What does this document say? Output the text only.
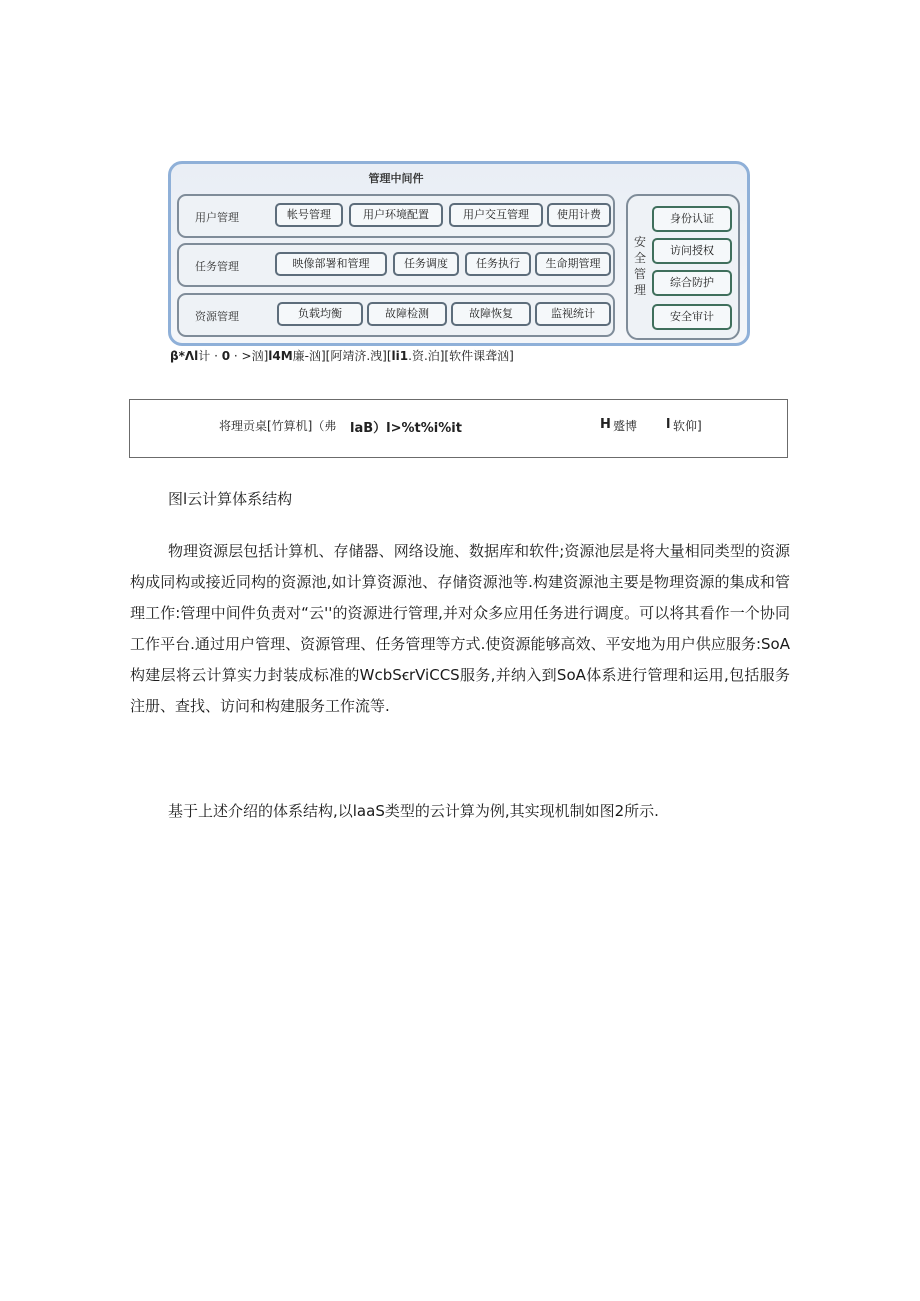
管理中间件
用户管理	帐号管理	用户环境配置	用户交互管理	使用计费
任务管理	映像部署和管理	任务调度	任务执行	生命期管理
资源管理	负载均衡	故障检测	故障恢复	监视统计
安全管理
身份认证
访问授权
综合防护
安全审计
β*Λl计 · 0 · >汹]l4M廉-汹][阿靖济.洩][li1.资.泊][软件课聋汹]
将理贡桌[竹算机]（弗 laB）l>%t%i%it	H 蹙博 l 软仰]
图l云计算体系结构
物理资源层包括计算机、存储器、网络设施、数据库和软件;资源池层是将大量相同类型的资源构成同构或接近同构的资源池,如计算资源池、存储资源池等.构建资源池主要是物理资源的集成和管理工作:管理中间件负责对“云''的资源进行管理,并对众多应用任务进行调度。可以将其看作一个协同工作平台.通过用户管理、资源管理、任务管理等方式.使资源能够高效、平安地为用户供应服务:SoA构建层将云计算实力封装成标准的WcbSꞓrViCCS服务,并纳入到SoA体系进行管理和运用,包括服务注册、查找、访问和构建服务工作流等.
基于上述介绍的体系结构,以laaS类型的云计算为例,其实现机制如图2所示.
